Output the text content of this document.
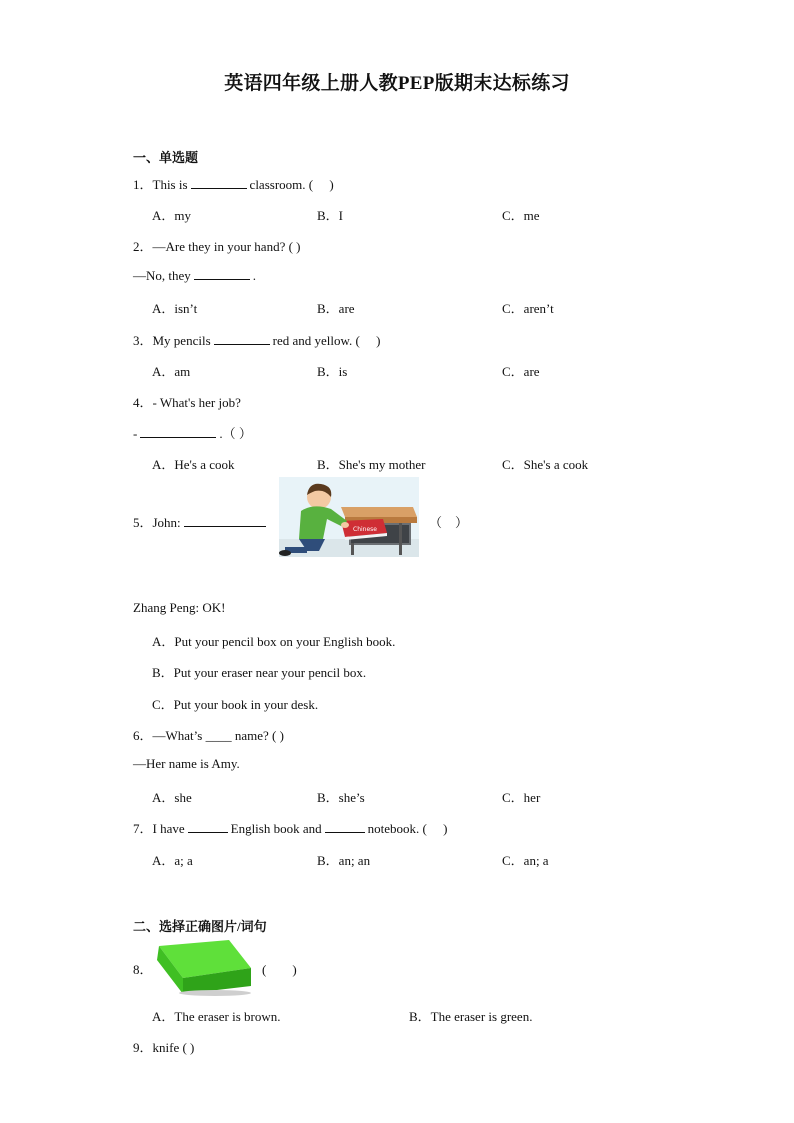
英语四年级上册人教PEP版期末达标练习
一、单选题
1．This is	classroom. (　 )
A．my	B．I	C．me
2．—Are they in your hand? ( )
—No, they	.
A．isn’t	B．are	C．aren’t
3．My pencils	red and yellow. (　 )
A．am	B．is	C．are
4．- What's her job?
-	.（ ）
A．He's a cook	B．She's my mother	C．She's a cook
5．John:	Chinese	（　）
Zhang Peng: OK!
A．Put your pencil box on your English book.
B．Put your eraser near your pencil box.
C．Put your book in your desk.
6．—What’s ____ name? ( )
—Her name is Amy.
A．she	B．she’s	C．her
7．I have	English book and	notebook. (　 )
A．a; a	B．an; an	C．an; a
二、选择正确图片/词句
8．	(　　)
A．The eraser is brown.	B．The eraser is green.
9．knife ( )
